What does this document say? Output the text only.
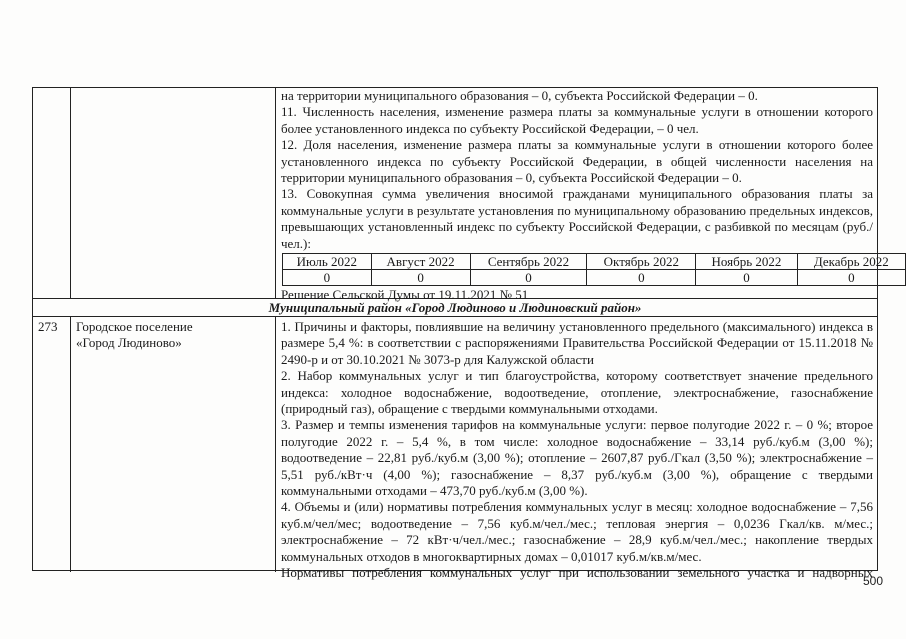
на территории муниципального образования – 0, субъекта Российской Федерации – 0.

11. Численность населения, изменение размера платы за коммунальные услуги в отношении которого более установленного индекса по субъекту Российской Федерации, – 0 чел.

12. Доля населения, изменение размера платы за коммунальные услуги в отношении которого более установленного индекса по субъекту Российской Федерации, в общей численности населения на территории муниципального образования – 0, субъекта Российской Федерации – 0.

13. Совокупная сумма увеличения вносимой гражданами муниципального образования платы за коммунальные услуги в результате установления по муниципальному образованию предельных индексов, превышающих установленный индекс по субъекту Российской Федерации, с разбивкой по месяцам (руб./чел.):

Июль 2022	Август 2022	Сентябрь 2022	Октябрь 2022	Ноябрь 2022	Декабрь 2022
0	0	0	0	0	0

Решение Сельской Думы от 19.11.2021 № 51

Муниципальный район «Город Людиново и Людиновский район»

273	Городское поселение
«Город Людиново»

1. Причины и факторы, повлиявшие на величину установленного предельного (максимального) индекса в размере 5,4 %: в соответствии с распоряжениями Правительства Российской Федерации от 15.11.2018 № 2490-р и от 30.10.2021 № 3073-р для Калужской области

2. Набор коммунальных услуг и тип благоустройства, которому соответствует значение предельного индекса: холодное водоснабжение, водоотведение, отопление, электроснабжение, газоснабжение (природный газ), обращение с твердыми коммунальными отходами.

3. Размер и темпы изменения тарифов на коммунальные услуги: первое полугодие 2022 г. – 0 %; второе полугодие 2022 г. – 5,4 %, в том числе: холодное водоснабжение – 33,14 руб./куб.м (3,00 %); водоотведение – 22,81 руб./куб.м (3,00 %); отопление – 2607,87 руб./Гкал (3,50 %); электроснабжение – 5,51 руб./кВт·ч (4,00 %); газоснабжение – 8,37 руб./куб.м (3,00 %), обращение с твердыми коммунальными отходами – 473,70 руб./куб.м (3,00 %).

4. Объемы и (или) нормативы потребления коммунальных услуг в месяц: холодное водоснабжение – 7,56 куб.м/чел/мес; водоотведение – 7,56 куб.м/чел./мес.; тепловая энергия – 0,0236 Гкал/кв. м/мес.; электроснабжение – 72 кВт·ч/чел./мес.; газоснабжение – 28,9 куб.м/чел./мес.; накопление твердых коммунальных отходов в многоквартирных домах – 0,01017 куб.м/кв.м/мес.

Нормативы потребления коммунальных услуг при использовании земельного участка и надворных

500
